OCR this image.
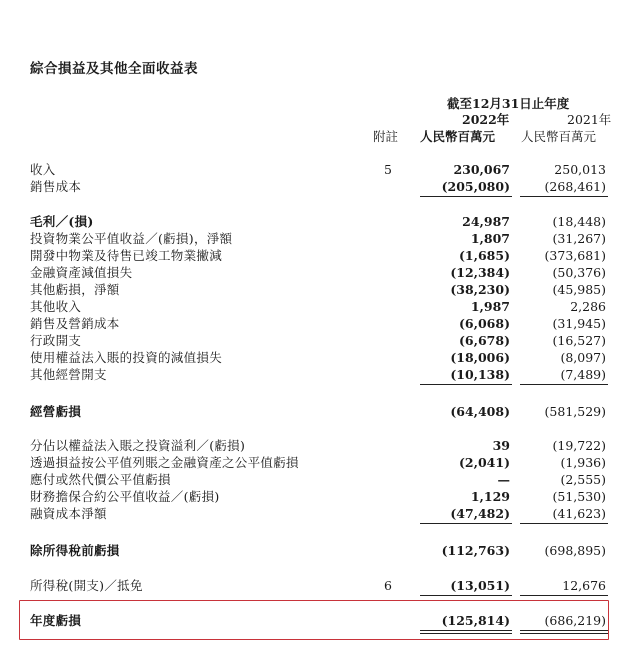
綜合損益及其他全面收益表
截至12月31日止年度
2022年	2021年
附註 人民幣百萬元 人民幣百萬元
收入	5	230,067	250,013
銷售成本	(205,080)	(268,461)
毛利／(損)	24,987	(18,448)
投資物業公平值收益／(虧損)，淨額	1,807	(31,267)
開發中物業及待售已竣工物業撇減	(1,685)	(373,681)
金融資產減值損失	(12,384)	(50,376)
其他虧損，淨額	(38,230)	(45,985)
其他收入	1,987	2,286
銷售及營銷成本	(6,068)	(31,945)
行政開支	(6,678)	(16,527)
使用權益法入賬的投資的減值損失	(18,006)	(8,097)
其他經營開支	(10,138)	(7,489)
經營虧損	(64,408)	(581,529)
分佔以權益法入賬之投資溢利／(虧損)	39	(19,722)
透過損益按公平值列賬之金融資產之公平值虧損	(2,041)	(1,936)
應付或然代價公平值虧損	—	(2,555)
財務擔保合約公平值收益／(虧損)	1,129	(51,530)
融資成本淨額	(47,482)	(41,623)
除所得稅前虧損	(112,763)	(698,895)
所得稅(開支)／抵免	6	(13,051)	12,676
年度虧損	(125,814)	(686,219)
